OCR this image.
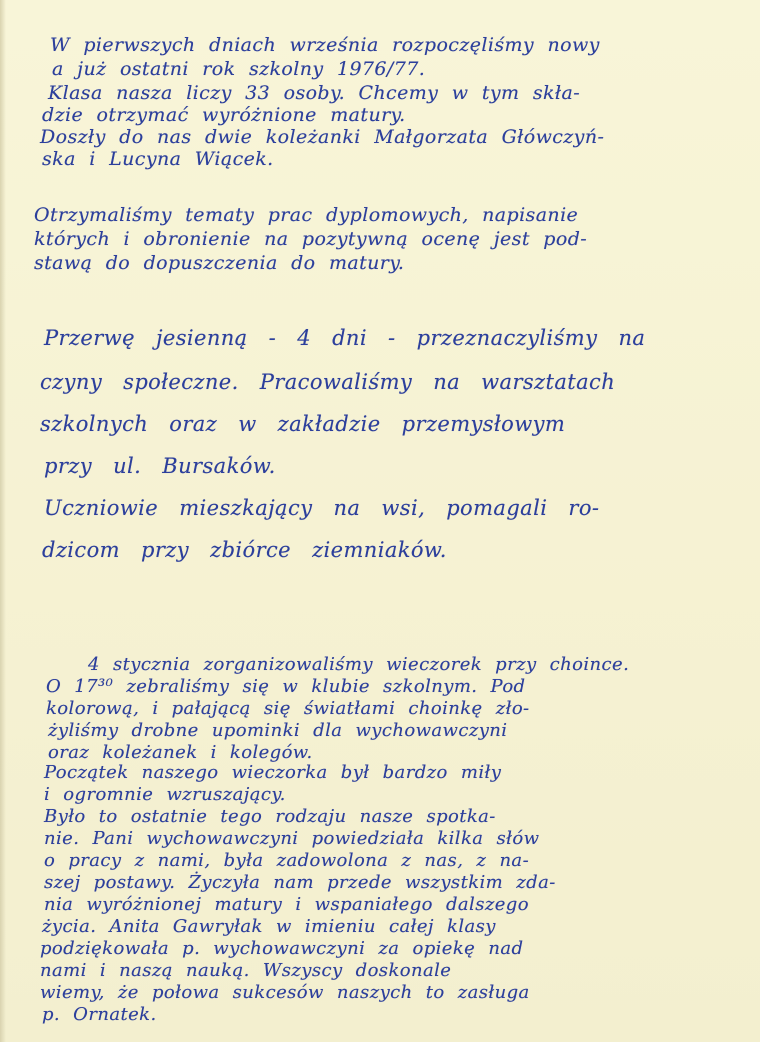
W pierwszych dniach września rozpoczęliśmy nowy
a już ostatni rok szkolny 1976/77.
Klasa nasza liczy 33 osoby. Chcemy w tym skła-
dzie otrzymać wyróżnione matury.
Doszły do nas dwie koleżanki Małgorzata Główczyń-
ska i Lucyna Wiącek.
Otrzymaliśmy tematy prac dyplomowych, napisanie
których i obronienie na pozytywną ocenę jest pod-
stawą do dopuszczenia do matury.
Przerwę jesienną - 4 dni - przeznaczyliśmy na
czyny społeczne. Pracowaliśmy na warsztatach
szkolnych oraz w zakładzie przemysłowym
przy ul. Bursaków.
Uczniowie mieszkający na wsi, pomagali ro-
dzicom przy zbiórce ziemniaków.
4 stycznia zorganizowaliśmy wieczorek przy choince.
O 17³⁰ zebraliśmy się w klubie szkolnym. Pod
kolorową, i pałającą się światłami choinkę zło-
żyliśmy drobne upominki dla wychowawczyni
oraz koleżanek i kolegów.
Początek naszego wieczorka był bardzo miły
i ogromnie wzruszający.
Było to ostatnie tego rodzaju nasze spotka-
nie. Pani wychowawczyni powiedziała kilka słów
o pracy z nami, była zadowolona z nas, z na-
szej postawy. Życzyła nam przede wszystkim zda-
nia wyróżnionej matury i wspaniałego dalszego
życia. Anita Gawryłak w imieniu całej klasy
podziękowała p. wychowawczyni za opiekę nad
nami i naszą nauką. Wszyscy doskonale
wiemy, że połowa sukcesów naszych to zasługa
p. Ornatek.
